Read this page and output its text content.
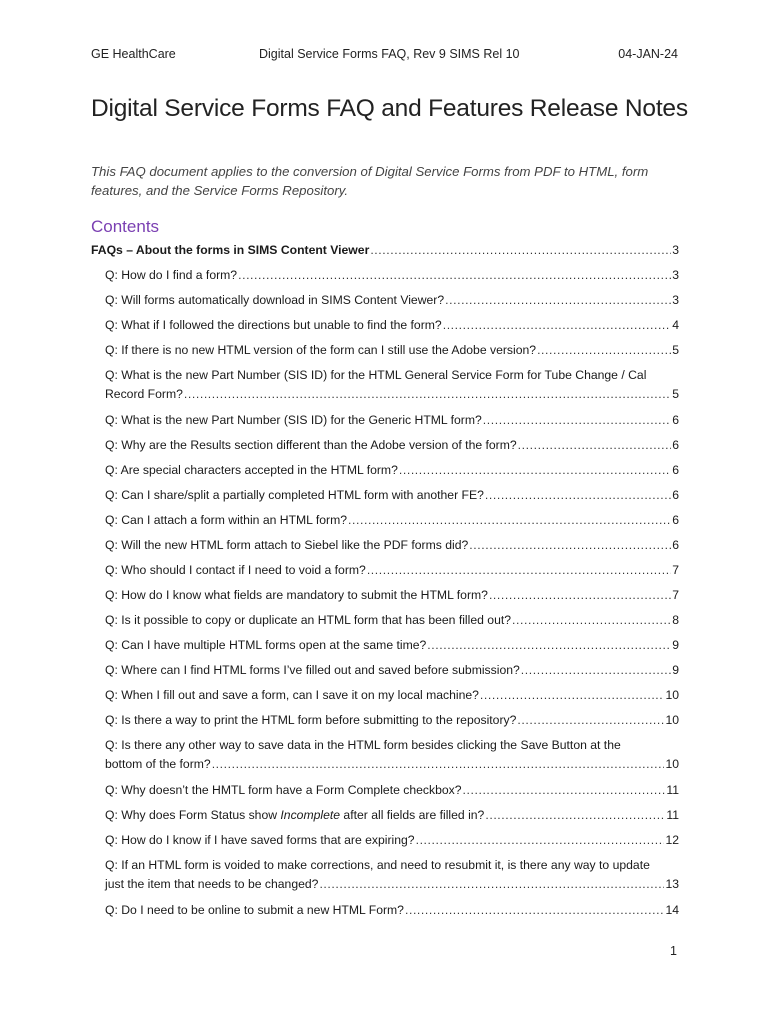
GE HealthCare	Digital Service Forms FAQ, Rev 9 SIMS Rel 10	04-JAN-24
Digital Service Forms FAQ and Features Release Notes

This FAQ document applies to the conversion of Digital Service Forms from PDF to HTML, form features, and the Service Forms Repository.

Contents
FAQs – About the forms in SIMS Content Viewer .....	3
Q: How do I find a form? .....	3
Q: Will forms automatically download in SIMS Content Viewer? .....	3
Q: What if I followed the directions but unable to find the form? .....	4
Q: If there is no new HTML version of the form can I still use the Adobe version? .....	5
Q: What is the new Part Number (SIS ID) for the HTML General Service Form for Tube Change / Cal
Record Form? .....	5
Q: What is the new Part Number (SIS ID) for the Generic HTML form? .....	6
Q: Why are the Results section different than the Adobe version of the form? .....	6
Q: Are special characters accepted in the HTML form? .....	6
Q: Can I share/split a partially completed HTML form with another FE? .....	6
Q: Can I attach a form within an HTML form? .....	6
Q: Will the new HTML form attach to Siebel like the PDF forms did? .....	6
Q: Who should I contact if I need to void a form? .....	7
Q: How do I know what fields are mandatory to submit the HTML form? .....	7
Q: Is it possible to copy or duplicate an HTML form that has been filled out? .....	8
Q: Can I have multiple HTML forms open at the same time? .....	9
Q: Where can I find HTML forms I’ve filled out and saved before submission? .....	9
Q: When I fill out and save a form, can I save it on my local machine? .....	10
Q: Is there a way to print the HTML form before submitting to the repository? .....	10
Q: Is there any other way to save data in the HTML form besides clicking the Save Button at the
bottom of the form? .....	10
Q: Why doesn’t the HMTL form have a Form Complete checkbox? .....	11
Q: Why does Form Status show Incomplete after all fields are filled in? .....	11
Q: How do I know if I have saved forms that are expiring? .....	12
Q: If an HTML form is voided to make corrections, and need to resubmit it, is there any way to update
just the item that needs to be changed? .....	13
Q: Do I need to be online to submit a new HTML Form? .....	14
1
